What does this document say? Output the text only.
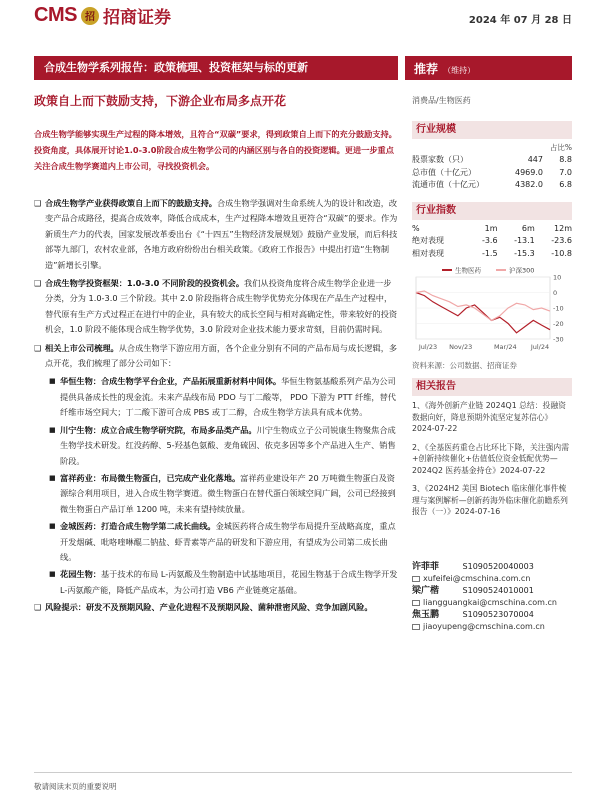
CMS 招 招商证券	2024 年 07 月 28 日
合成生物学系列报告：政策梳理、投资框架与标的更新	推荐 （维持）
政策自上而下鼓励支持，下游企业布局多点开花
合成生物学能够实现生产过程的降本增效，且符合“双碳”要求，得到政策自上而下的充分鼓励支持。投资角度，具体展开讨论1.0-3.0阶段合成生物学公司的内涵区别与各自的投资逻辑。更进一步重点关注合成生物学赛道内上市公司，寻找投资机会。
❑ 合成生物学产业获得政策自上而下的鼓励支持。合成生物学强调对生命系统人为的设计和改造，改变产品合成路径，提高合成效率，降低合成成本，生产过程降本增效且更符合“双碳”的要求。作为新质生产力的代表，国家发展改革委出台《“十四五”生物经济发展规划》鼓励产业发展，而后科技部等九部门，农村农业部，各地方政府纷纷出台相关政策。《政府工作报告》中提出打造“生物制造”新增长引擎。
❑ 合成生物学投资框架：1.0-3.0 不同阶段的投资机会。我们从投资角度将合成生物学企业进一步分类，分为 1.0-3.0 三个阶段。其中 2.0 阶段指将合成生物学优势充分体现在产品生产过程中，替代原有生产方式过程正在进行中的企业，具有较大的成长空间与相对高确定性，带来较好的投资机会，1.0 阶段不能体现合成生物学优势，3.0 阶段对企业技术能力要求苛刻，目前仍需时间。
❑ 相关上市公司梳理。从合成生物学下游应用方面，各个企业分别有不同的产品布局与成长逻辑，多点开花，我们梳理了部分公司如下：
■ 华恒生物：合成生物学平台企业，产品拓展重新材料中间体。华恒生物氨基酸系列产品为公司提供具备成长性的现金流。未来产品线布局 PDO 与丁二酸等， PDO 下游为 PTT 纤维，替代纤维市场空间大；丁二酸下游可合成 PBS 或丁二醇，合成生物学方法具有成本优势。
■ 川宁生物：成立合成生物学研究院，布局多品类产品。川宁生物成立子公司锐康生物聚焦合成生物学技术研发。红没药醇、5-羟基色氨酸、麦角硫因、依克多因等多个产品进入生产、销售阶段。
■ 富祥药业：布局微生物蛋白，已完成产业化落地。富祥药业建设年产 20 万吨微生物蛋白及资源综合利用项目，进入合成生物学赛道。微生物蛋白在替代蛋白领域空间广阔，公司已经接到微生物蛋白产品订单 1200 吨，未来有望持续放量。
■ 金城医药：打造合成生物学第二成长曲线。金城医药将合成生物学布局提升至战略高度，重点开发烟碱、吡咯喹啉醌二钠盐、虾青素等产品的研发和下游应用，有望成为公司第二成长曲线。
■ 花园生物：基于技术的布局 L-丙氨酸及生物制造中试基地项目，花园生物基于合成生物学开发 L-丙氨酸产能，降低产品成本，为公司打造 VB6 产业链奠定基础。
❑ 风险提示：研发不及预期风险、产业化进程不及预期风险、菌种泄密风险、竞争加剧风险。
消费品/生物医药
行业规模
		占比%
股票家数（只）	447	8.8
总市值（十亿元）	4969.0	7.0
流通市值（十亿元）	4382.0	6.8
行业指数
%	1m	6m	12m
绝对表现	-3.6	-13.1	-23.6
相对表现	-1.5	-15.3	-10.8
10
0
-10
-20
-30
Jul/23 Nov/23	Mar/24 Jul/24
生物医药	沪深300
资料来源：公司数据、招商证券
相关报告
1、《海外创新产业链 2024Q1 总结：投融资数据向好，降息预期外流坚定复苏信心》2024-07-22
2、《全基医药重仓占比环比下降，关注强内需+创新持续催化+估值低位资金低配优势—2024Q2 医药基金持仓》2024-07-22
3、《2024H2 美国 Biotech 临床催化事件梳理与案例解析—创新药海外临床催化前瞻系列报告（一）》2024-07-16
许菲菲	S1090520040003
xufeifei@cmschina.com.cn
梁广楷	S1090524010001
liangguangkai@cmschina.com.cn
焦玉鹏	S1090523070004
jiaoyupeng@cmschina.com.cn
敬请阅读末页的重要说明
